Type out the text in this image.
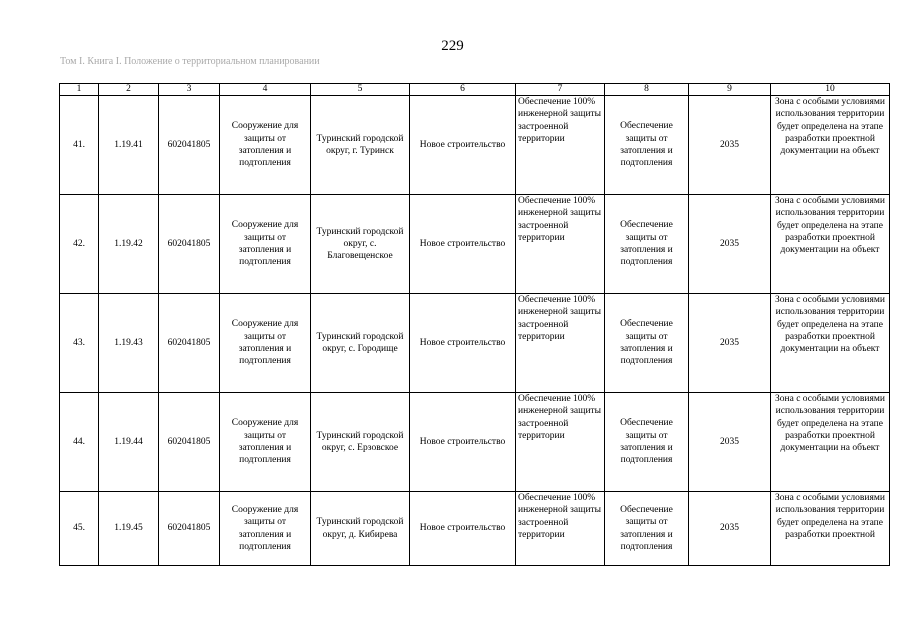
229
Том I. Книга I. Положение о территориальном планировании
1	2	3	4	5	6	7	8	9	10
41.	1.19.41	602041805	Сооружение для защиты от затопления и подтопления	Туринский городской округ, г. Туринск	Новое строительство	Обеспечение 100% инженерной защиты застроенной территории	Обеспечение защиты от затопления и подтопления	2035	Зона с особыми условиями использования территории будет определена на этапе разработки проектной документации на объект

42.	1.19.42	602041805	Сооружение для защиты от затопления и подтопления	Туринский городской округ, с. Благовещенское	Новое строительство	Обеспечение 100% инженерной защиты застроенной территории	Обеспечение защиты от затопления и подтопления	2035	Зона с особыми условиями использования территории будет определена на этапе разработки проектной документации на объект

43.	1.19.43	602041805	Сооружение для защиты от затопления и подтопления	Туринский городской округ, с. Городище	Новое строительство	Обеспечение 100% инженерной защиты застроенной территории	Обеспечение защиты от затопления и подтопления	2035	Зона с особыми условиями использования территории будет определена на этапе разработки проектной документации на объект

44.	1.19.44	602041805	Сооружение для защиты от затопления и подтопления	Туринский городской округ, с. Ерзовское	Новое строительство	Обеспечение 100% инженерной защиты застроенной территории	Обеспечение защиты от затопления и подтопления	2035	Зона с особыми условиями использования территории будет определена на этапе разработки проектной документации на объект

45.	1.19.45	602041805	Сооружение для защиты от затопления и подтопления	Туринский городской округ, д. Кибирева	Новое строительство	Обеспечение 100% инженерной защиты застроенной территории	Обеспечение защиты от затопления и подтопления	2035	Зона с особыми условиями использования территории будет определена на этапе разработки проектной
